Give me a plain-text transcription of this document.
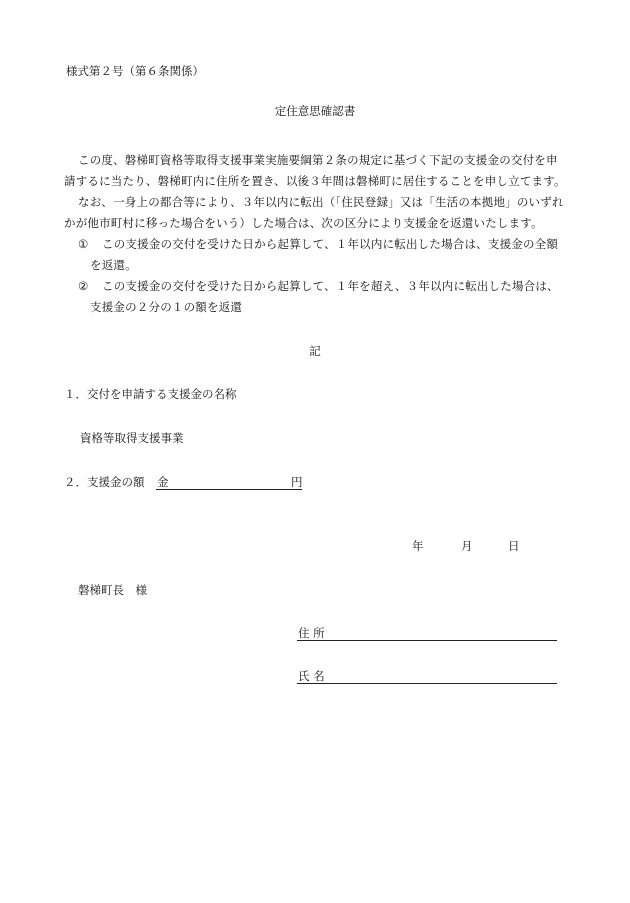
様式第２号（第６条関係）
定住意思確認書
この度、磐梯町資格等取得支援事業実施要綱第２条の規定に基づく下記の支援金の交付を申
請するに当たり、磐梯町内に住所を置き、以後３年間は磐梯町に居住することを申し立てます。
なお、一身上の都合等により、３年以内に転出（「住民登録」又は「生活の本拠地」のいずれ
かが他市町村に移った場合をいう）した場合は、次の区分により支援金を返還いたします。
① この支援金の交付を受けた日から起算して、１年以内に転出した場合は、支援金の全額
を返還。
② この支援金の交付を受けた日から起算して、１年を超え、３年以内に転出した場合は、
支援金の２分の１の額を返還
記
１．交付を申請する支援金の名称
資格等取得支援事業
２．支援金の額 金	円
年	月	日
磐梯町長　様
住 所
氏 名
